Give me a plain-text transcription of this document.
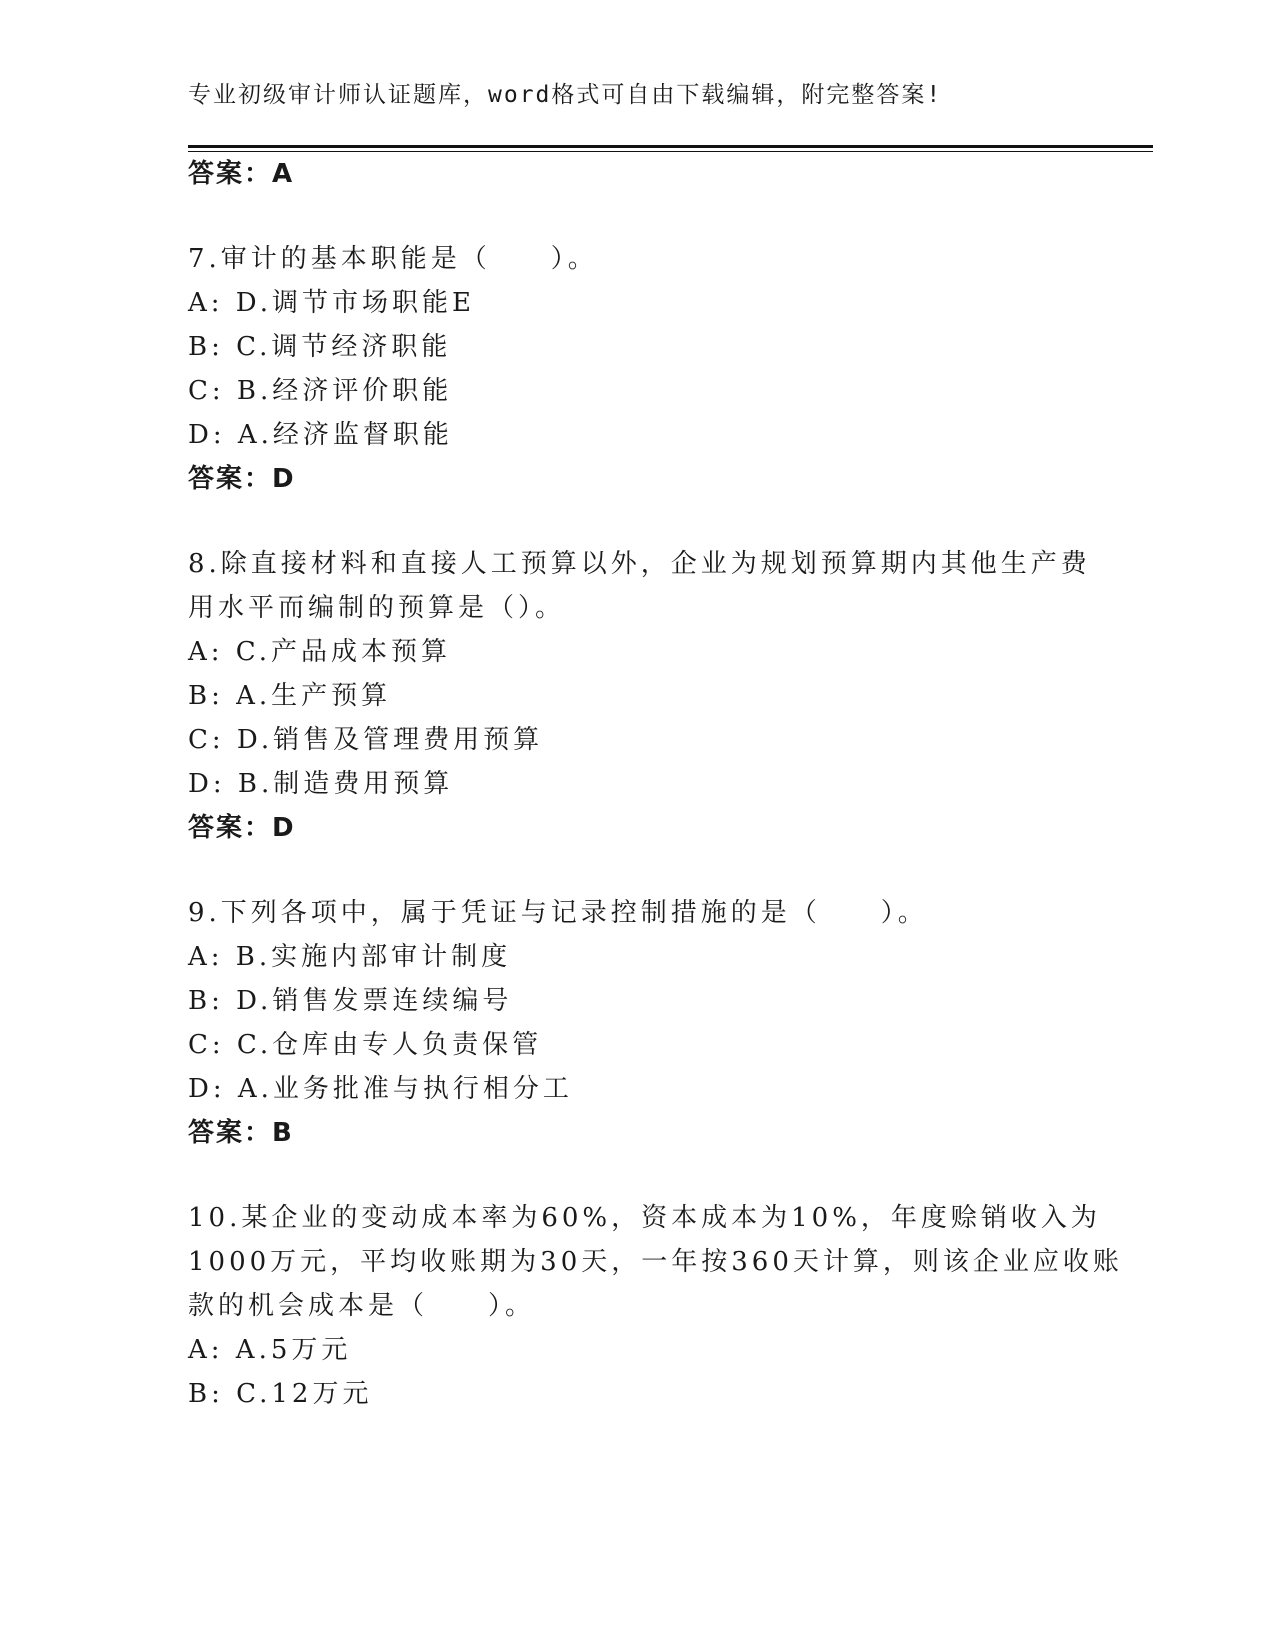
专业初级审计师认证题库，word格式可自由下载编辑，附完整答案!
答案：A
7.审计的基本职能是（　　）。
A: D.调节市场职能E
B: C.调节经济职能
C: B.经济评价职能
D: A.经济监督职能
答案：D
8.除直接材料和直接人工预算以外，企业为规划预算期内其他生产费
用水平而编制的预算是（）。
A: C.产品成本预算
B: A.生产预算
C: D.销售及管理费用预算
D: B.制造费用预算
答案：D
9.下列各项中，属于凭证与记录控制措施的是（　　）。
A: B.实施内部审计制度
B: D.销售发票连续编号
C: C.仓库由专人负责保管
D: A.业务批准与执行相分工
答案：B
10.某企业的变动成本率为60%，资本成本为10%，年度赊销收入为
1000万元，平均收账期为30天，一年按360天计算，则该企业应收账
款的机会成本是（　　）。
A: A.5万元
B: C.12万元
